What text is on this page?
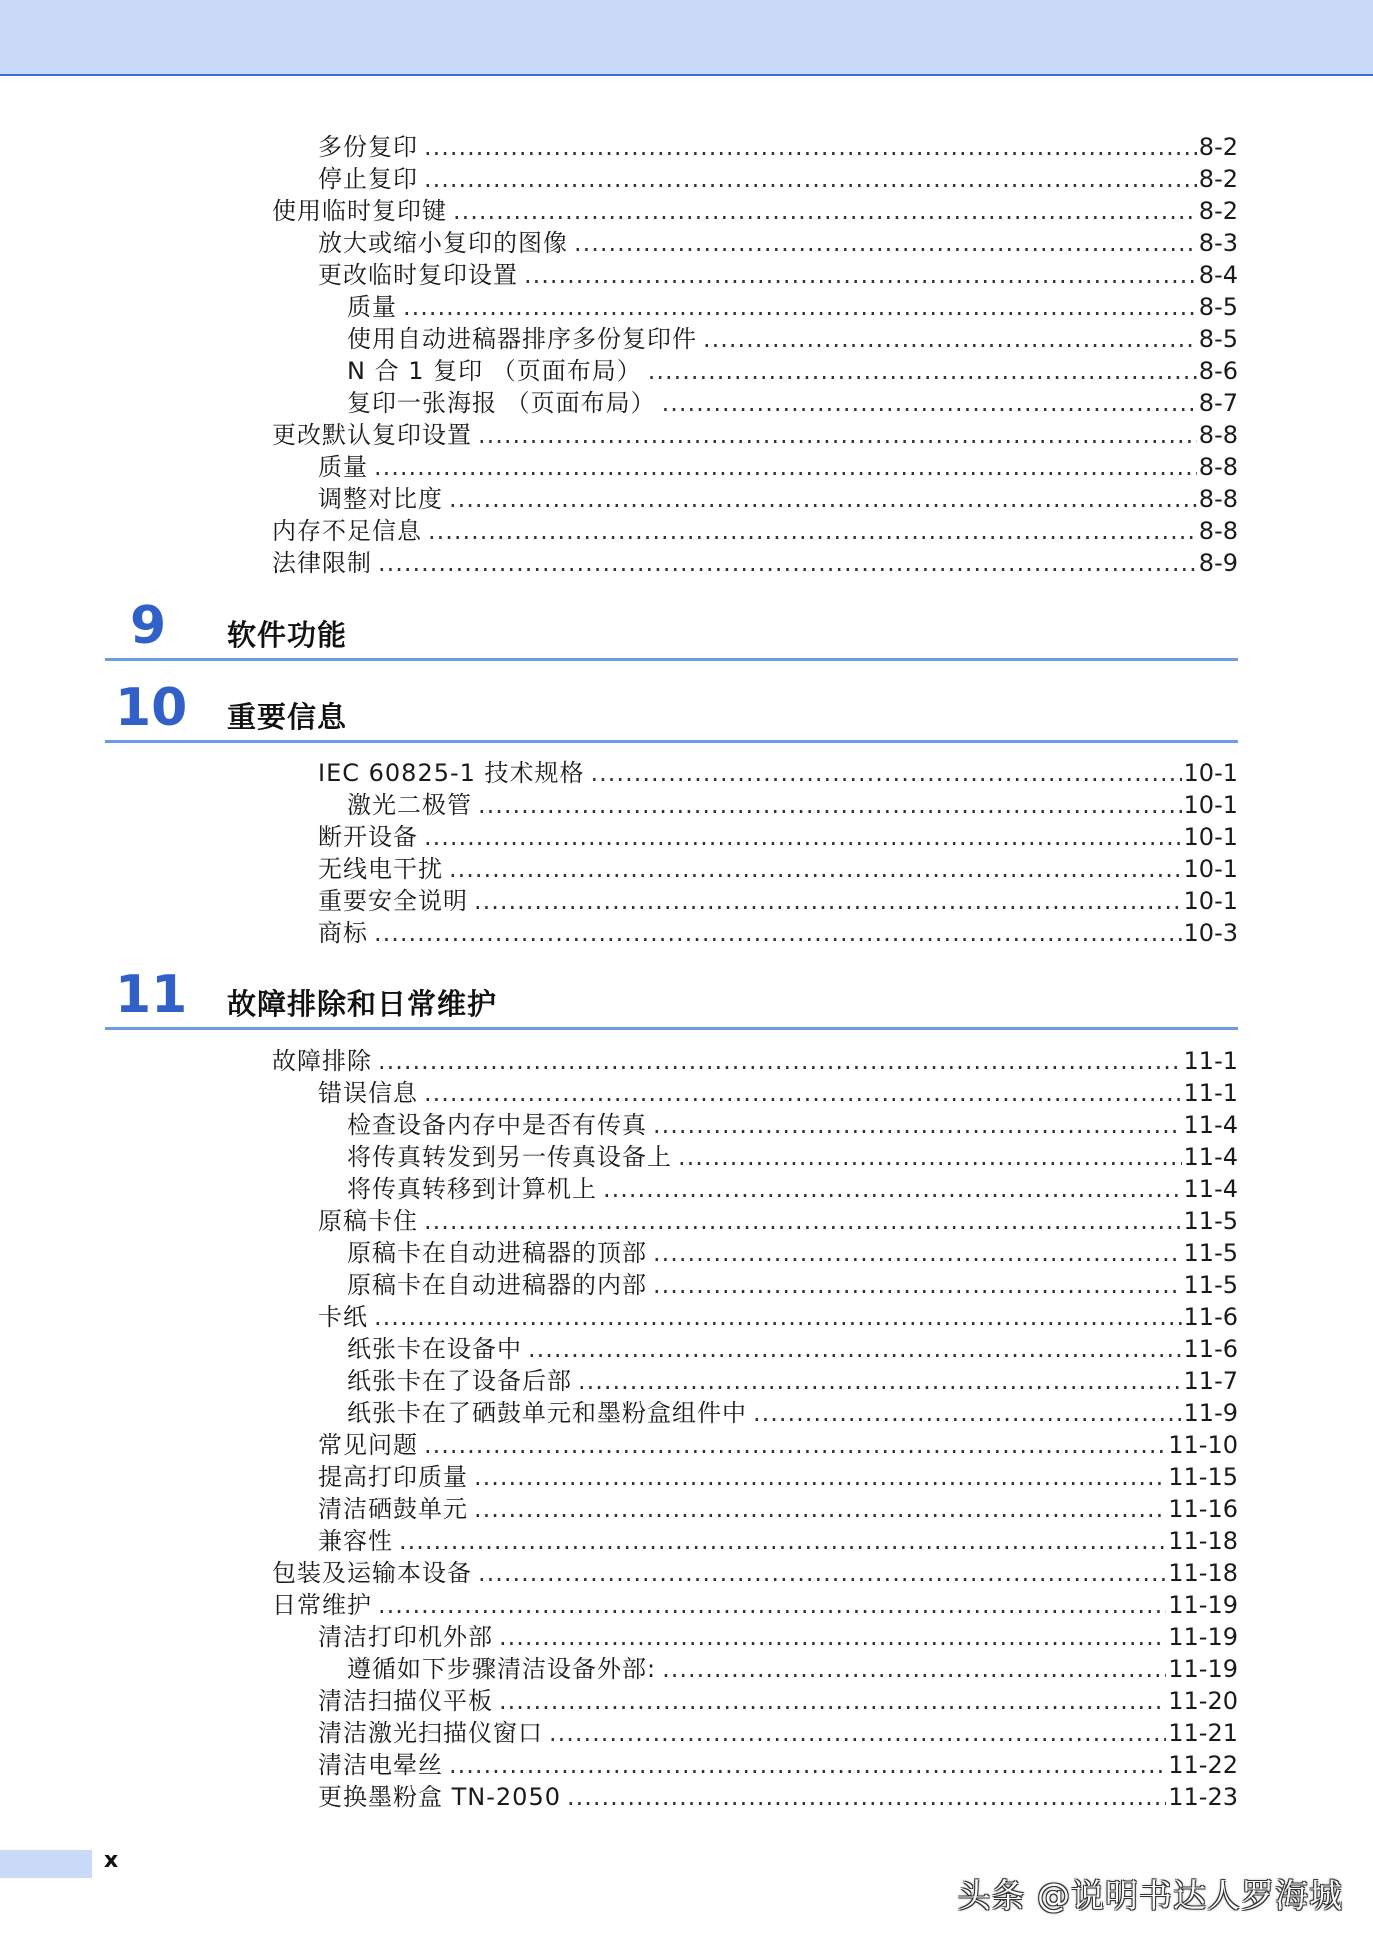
多份复印 .....	8-2
停止复印 .....	8-2
使用临时复印键 .....	8-2
放大或缩小复印的图像 .....	8-3
更改临时复印设置 .....	8-4
质量 .....	8-5
使用自动进稿器排序多份复印件 .....	8-5
N 合 1 复印 （页面布局） .....	8-6
复印一张海报 （页面布局） .....	8-7
更改默认复印设置 .....	8-8
质量 .....	8-8
调整对比度 .....	8-8
内存不足信息 .....	8-8
法律限制 .....	8-9
9 软件功能
10 重要信息
IEC 60825-1 技术规格 .....	10-1
激光二极管 .....	10-1
断开设备 .....	10-1
无线电干扰 .....	10-1
重要安全说明 .....	10-1
商标 .....	10-3
11 故障排除和日常维护
故障排除 .....	11-1
错误信息 .....	11-1
检查设备内存中是否有传真 .....	11-4
将传真转发到另一传真设备上 .....	11-4
将传真转移到计算机上 .....	11-4
原稿卡住 .....	11-5
原稿卡在自动进稿器的顶部 .....	11-5
原稿卡在自动进稿器的内部 .....	11-5
卡纸 .....	11-6
纸张卡在设备中 .....	11-6
纸张卡在了设备后部 .....	11-7
纸张卡在了硒鼓单元和墨粉盒组件中 .....	11-9
常见问题 .....	11-10
提高打印质量 .....	11-15
清洁硒鼓单元 .....	11-16
兼容性 .....	11-18
包装及运输本设备 .....	11-18
日常维护 .....	11-19
清洁打印机外部 .....	11-19
遵循如下步骤清洁设备外部: .....	11-19
清洁扫描仪平板 .....	11-20
清洁激光扫描仪窗口 .....	11-21
清洁电晕丝 .....	11-22
更换墨粉盒 TN-2050 .....	11-23
x
头条 @说明书达人罗海城
